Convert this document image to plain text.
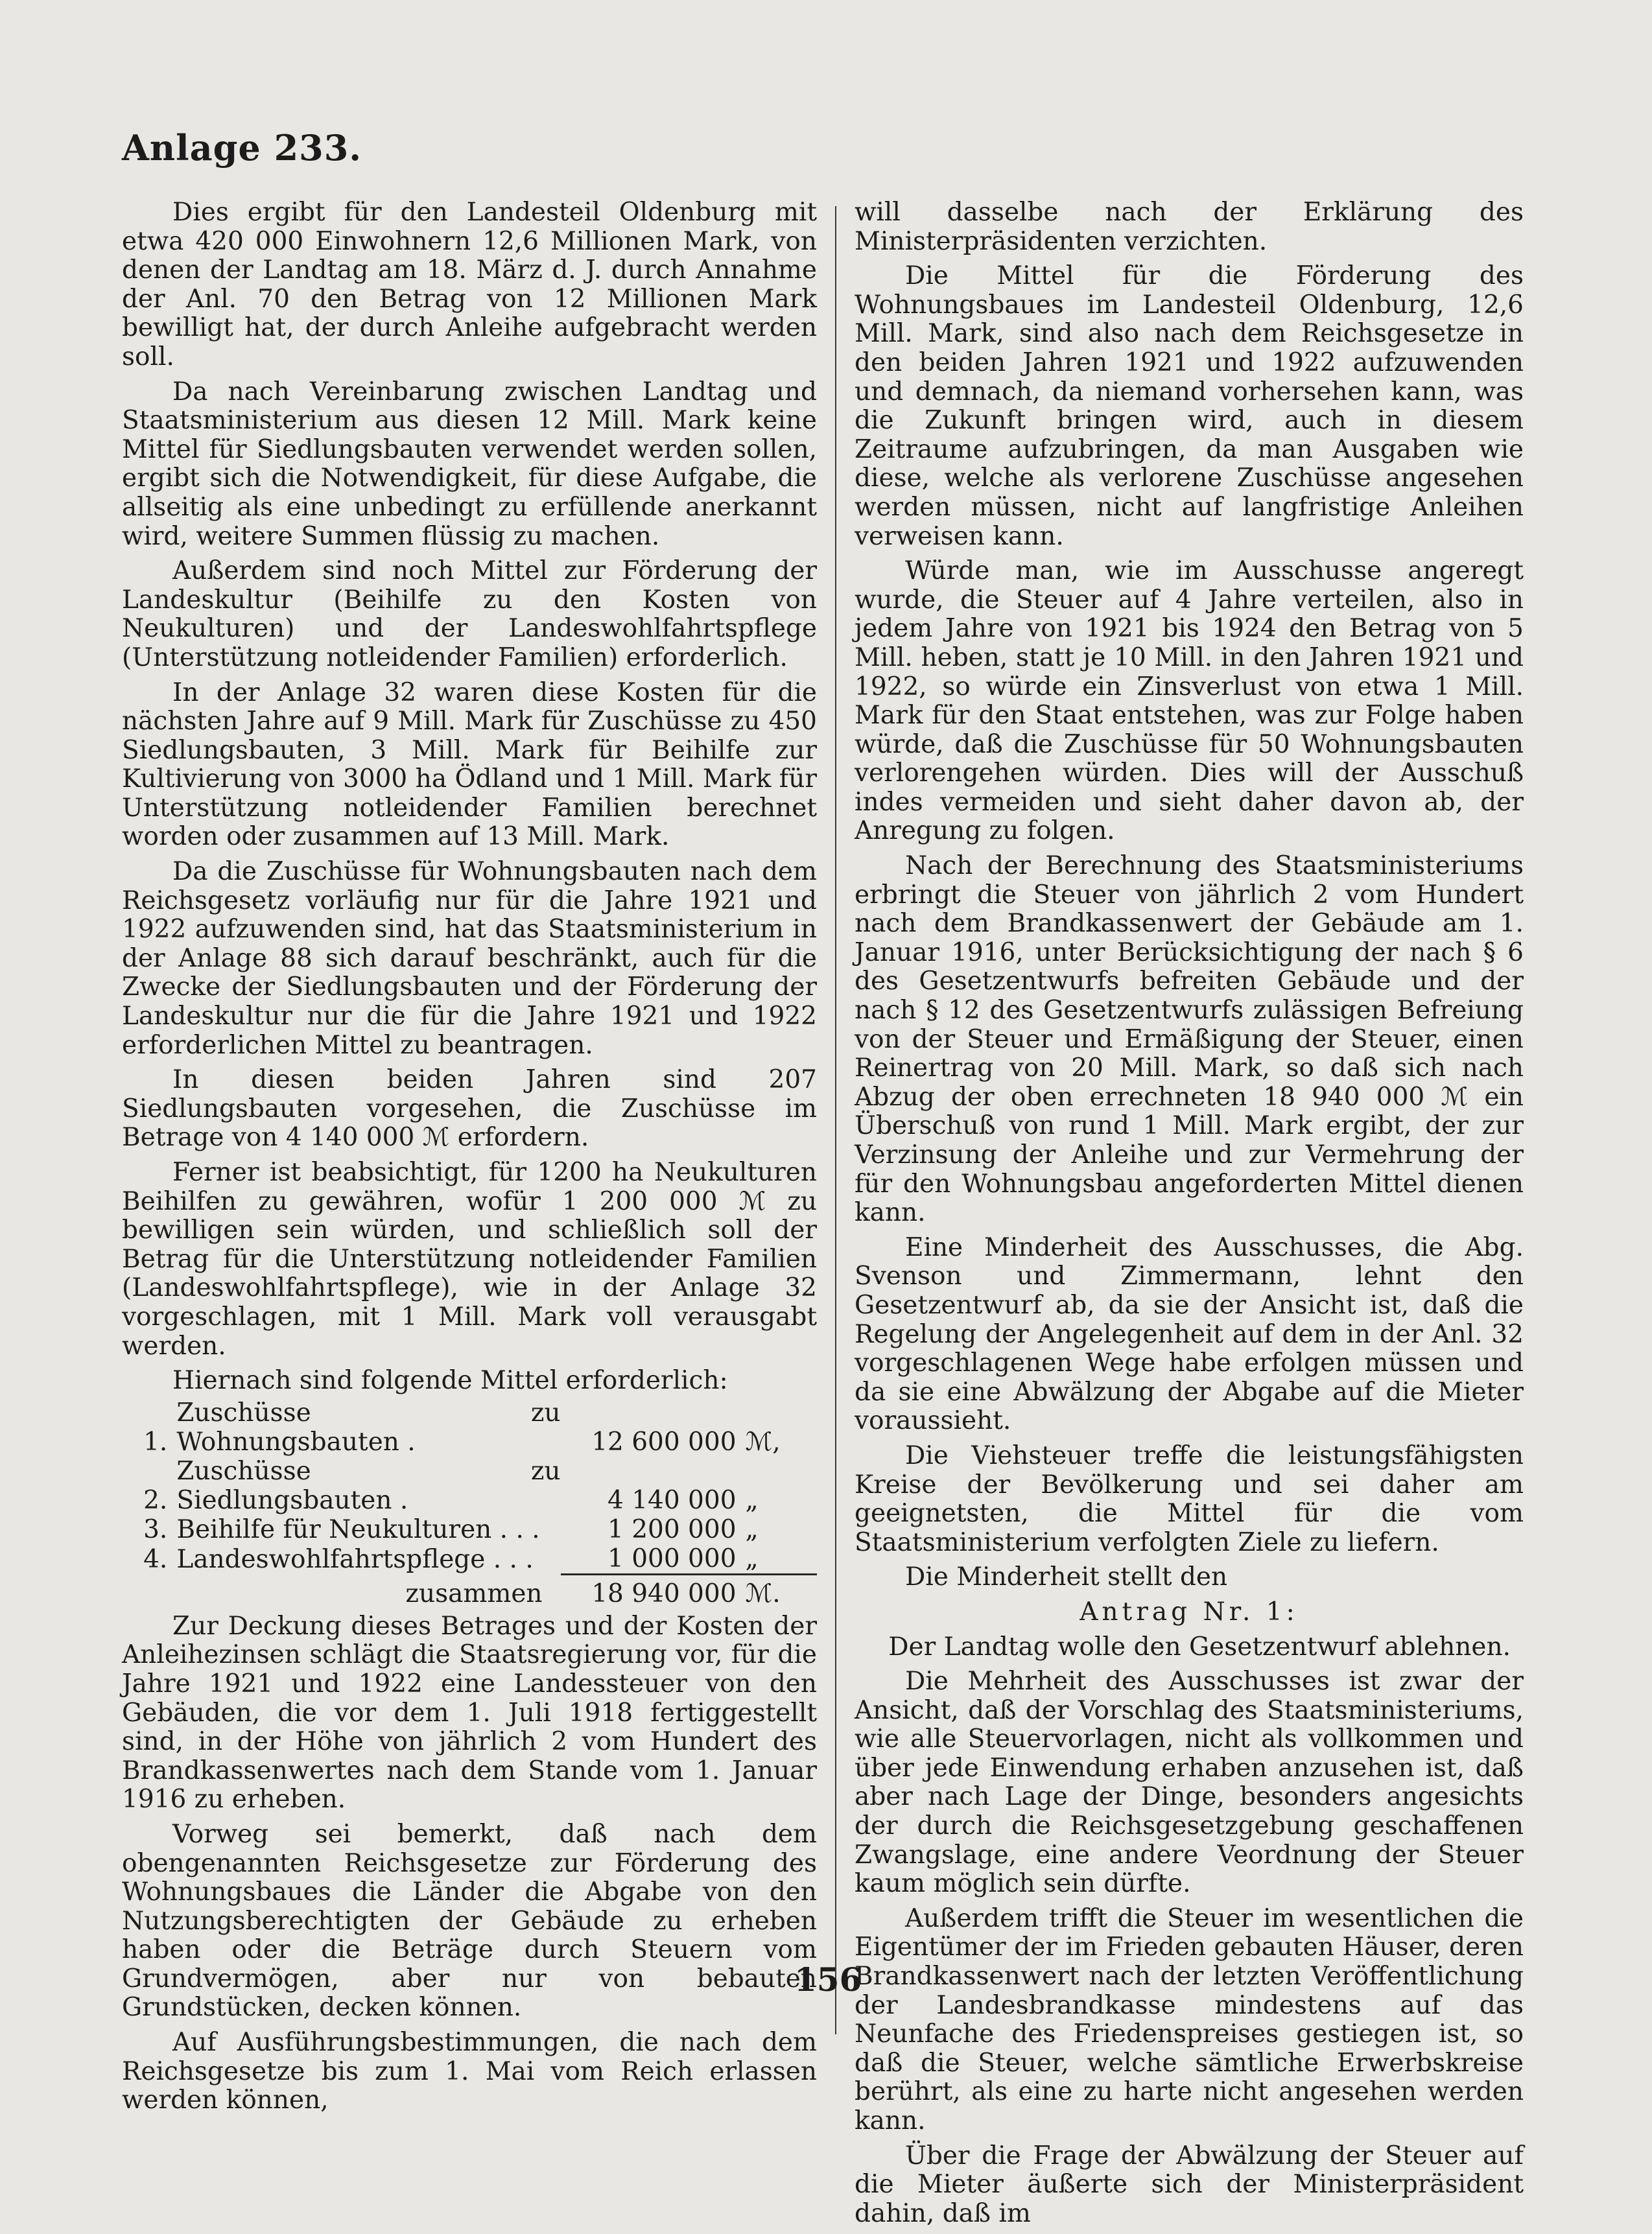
Anlage 233.

Dies ergibt für den Landesteil Oldenburg mit etwa 420 000 Einwohnern 12,6 Millionen Mark, von denen der Landtag am 18. März d. J. durch Annahme der Anl. 70 den Betrag von 12 Millionen Mark bewilligt hat, der durch Anleihe aufgebracht werden soll.

Da nach Vereinbarung zwischen Landtag und Staatsministerium aus diesen 12 Mill. Mark keine Mittel für Siedlungsbauten verwendet werden sollen, ergibt sich die Notwendigkeit, für diese Aufgabe, die allseitig als eine unbedingt zu erfüllende anerkannt wird, weitere Summen flüssig zu machen.

Außerdem sind noch Mittel zur Förderung der Landeskultur (Beihilfe zu den Kosten von Neukulturen) und der Landeswohlfahrtspflege (Unterstützung notleidender Familien) erforderlich.

In der Anlage 32 waren diese Kosten für die nächsten Jahre auf 9 Mill. Mark für Zuschüsse zu 450 Siedlungsbauten, 3 Mill. Mark für Beihilfe zur Kultivierung von 3000 ha Ödland und 1 Mill. Mark für Unterstützung notleidender Familien berechnet worden oder zusammen auf 13 Mill. Mark.

Da die Zuschüsse für Wohnungsbauten nach dem Reichsgesetz vorläufig nur für die Jahre 1921 und 1922 aufzuwenden sind, hat das Staatsministerium in der Anlage 88 sich darauf beschränkt, auch für die Zwecke der Siedlungsbauten und der Förderung der Landeskultur nur die für die Jahre 1921 und 1922 erforderlichen Mittel zu beantragen.

In diesen beiden Jahren sind 207 Siedlungsbauten vorgesehen, die Zuschüsse im Betrage von 4 140 000 ℳ erfordern.

Ferner ist beabsichtigt, für 1200 ha Neukulturen Beihilfen zu gewähren, wofür 1 200 000 ℳ zu bewilligen sein würden, und schließlich soll der Betrag für die Unterstützung notleidender Familien (Landeswohlfahrtspflege), wie in der Anlage 32 vorgeschlagen, mit 1 Mill. Mark voll verausgabt werden.

Hiernach sind folgende Mittel erforderlich:

1.	Zuschüsse zu Wohnungsbauten .	12 600 000	ℳ,
2.	Zuschüsse zu Siedlungsbauten .	4 140 000	„
3.	Beihilfe für Neukulturen . . .	1 200 000	„
4.	Landeswohlfahrtspflege . . .	1 000 000	„

zusammen		18 940 000	ℳ.

Zur Deckung dieses Betrages und der Kosten der Anleihezinsen schlägt die Staatsregierung vor, für die Jahre 1921 und 1922 eine Landessteuer von den Gebäuden, die vor dem 1. Juli 1918 fertiggestellt sind, in der Höhe von jährlich 2 vom Hundert des Brandkassenwertes nach dem Stande vom 1. Januar 1916 zu erheben.

Vorweg sei bemerkt, daß nach dem obengenannten Reichsgesetze zur Förderung des Wohnungsbaues die Länder die Abgabe von den Nutzungsberechtigten der Gebäude zu erheben haben oder die Beträge durch Steuern vom Grundvermögen, aber nur von bebauten Grundstücken, decken können.

Auf Ausführungsbestimmungen, die nach dem Reichsgesetze bis zum 1. Mai vom Reich erlassen werden können,

will dasselbe nach der Erklärung des Ministerpräsidenten verzichten.

Die Mittel für die Förderung des Wohnungsbaues im Landesteil Oldenburg, 12,6 Mill. Mark, sind also nach dem Reichsgesetze in den beiden Jahren 1921 und 1922 aufzuwenden und demnach, da niemand vorhersehen kann, was die Zukunft bringen wird, auch in diesem Zeitraume aufzubringen, da man Ausgaben wie diese, welche als verlorene Zuschüsse angesehen werden müssen, nicht auf langfristige Anleihen verweisen kann.

Würde man, wie im Ausschusse angeregt wurde, die Steuer auf 4 Jahre verteilen, also in jedem Jahre von 1921 bis 1924 den Betrag von 5 Mill. heben, statt je 10 Mill. in den Jahren 1921 und 1922, so würde ein Zinsverlust von etwa 1 Mill. Mark für den Staat entstehen, was zur Folge haben würde, daß die Zuschüsse für 50 Wohnungsbauten verlorengehen würden. Dies will der Ausschuß indes vermeiden und sieht daher davon ab, der Anregung zu folgen.

Nach der Berechnung des Staatsministeriums erbringt die Steuer von jährlich 2 vom Hundert nach dem Brandkassenwert der Gebäude am 1. Januar 1916, unter Berücksichtigung der nach § 6 des Gesetzentwurfs befreiten Gebäude und der nach § 12 des Gesetzentwurfs zulässigen Befreiung von der Steuer und Ermäßigung der Steuer, einen Reinertrag von 20 Mill. Mark, so daß sich nach Abzug der oben errechneten 18 940 000 ℳ ein Überschuß von rund 1 Mill. Mark ergibt, der zur Verzinsung der Anleihe und zur Vermehrung der für den Wohnungsbau angeforderten Mittel dienen kann.

Eine Minderheit des Ausschusses, die Abg. Svenson und Zimmermann, lehnt den Gesetzentwurf ab, da sie der Ansicht ist, daß die Regelung der Angelegenheit auf dem in der Anl. 32 vorgeschlagenen Wege habe erfolgen müssen und da sie eine Abwälzung der Abgabe auf die Mieter voraussieht.

Die Viehsteuer treffe die leistungsfähigsten Kreise der Bevölkerung und sei daher am geeignetsten, die Mittel für die vom Staatsministerium verfolgten Ziele zu liefern.

Die Minderheit stellt den

Antrag Nr. 1:

Der Landtag wolle den Gesetzentwurf ablehnen.

Die Mehrheit des Ausschusses ist zwar der Ansicht, daß der Vorschlag des Staatsministeriums, wie alle Steuervorlagen, nicht als vollkommen und über jede Einwendung erhaben anzusehen ist, daß aber nach Lage der Dinge, besonders angesichts der durch die Reichsgesetzgebung geschaffenen Zwangslage, eine andere Veordnung der Steuer kaum möglich sein dürfte.

Außerdem trifft die Steuer im wesentlichen die Eigentümer der im Frieden gebauten Häuser, deren Brandkassenwert nach der letzten Veröffentlichung der Landesbrandkasse mindestens auf das Neunfache des Friedenspreises gestiegen ist, so daß die Steuer, welche sämtliche Erwerbskreise berührt, als eine zu harte nicht angesehen werden kann.

Über die Frage der Abwälzung der Steuer auf die Mieter äußerte sich der Ministerpräsident dahin, daß im

156
